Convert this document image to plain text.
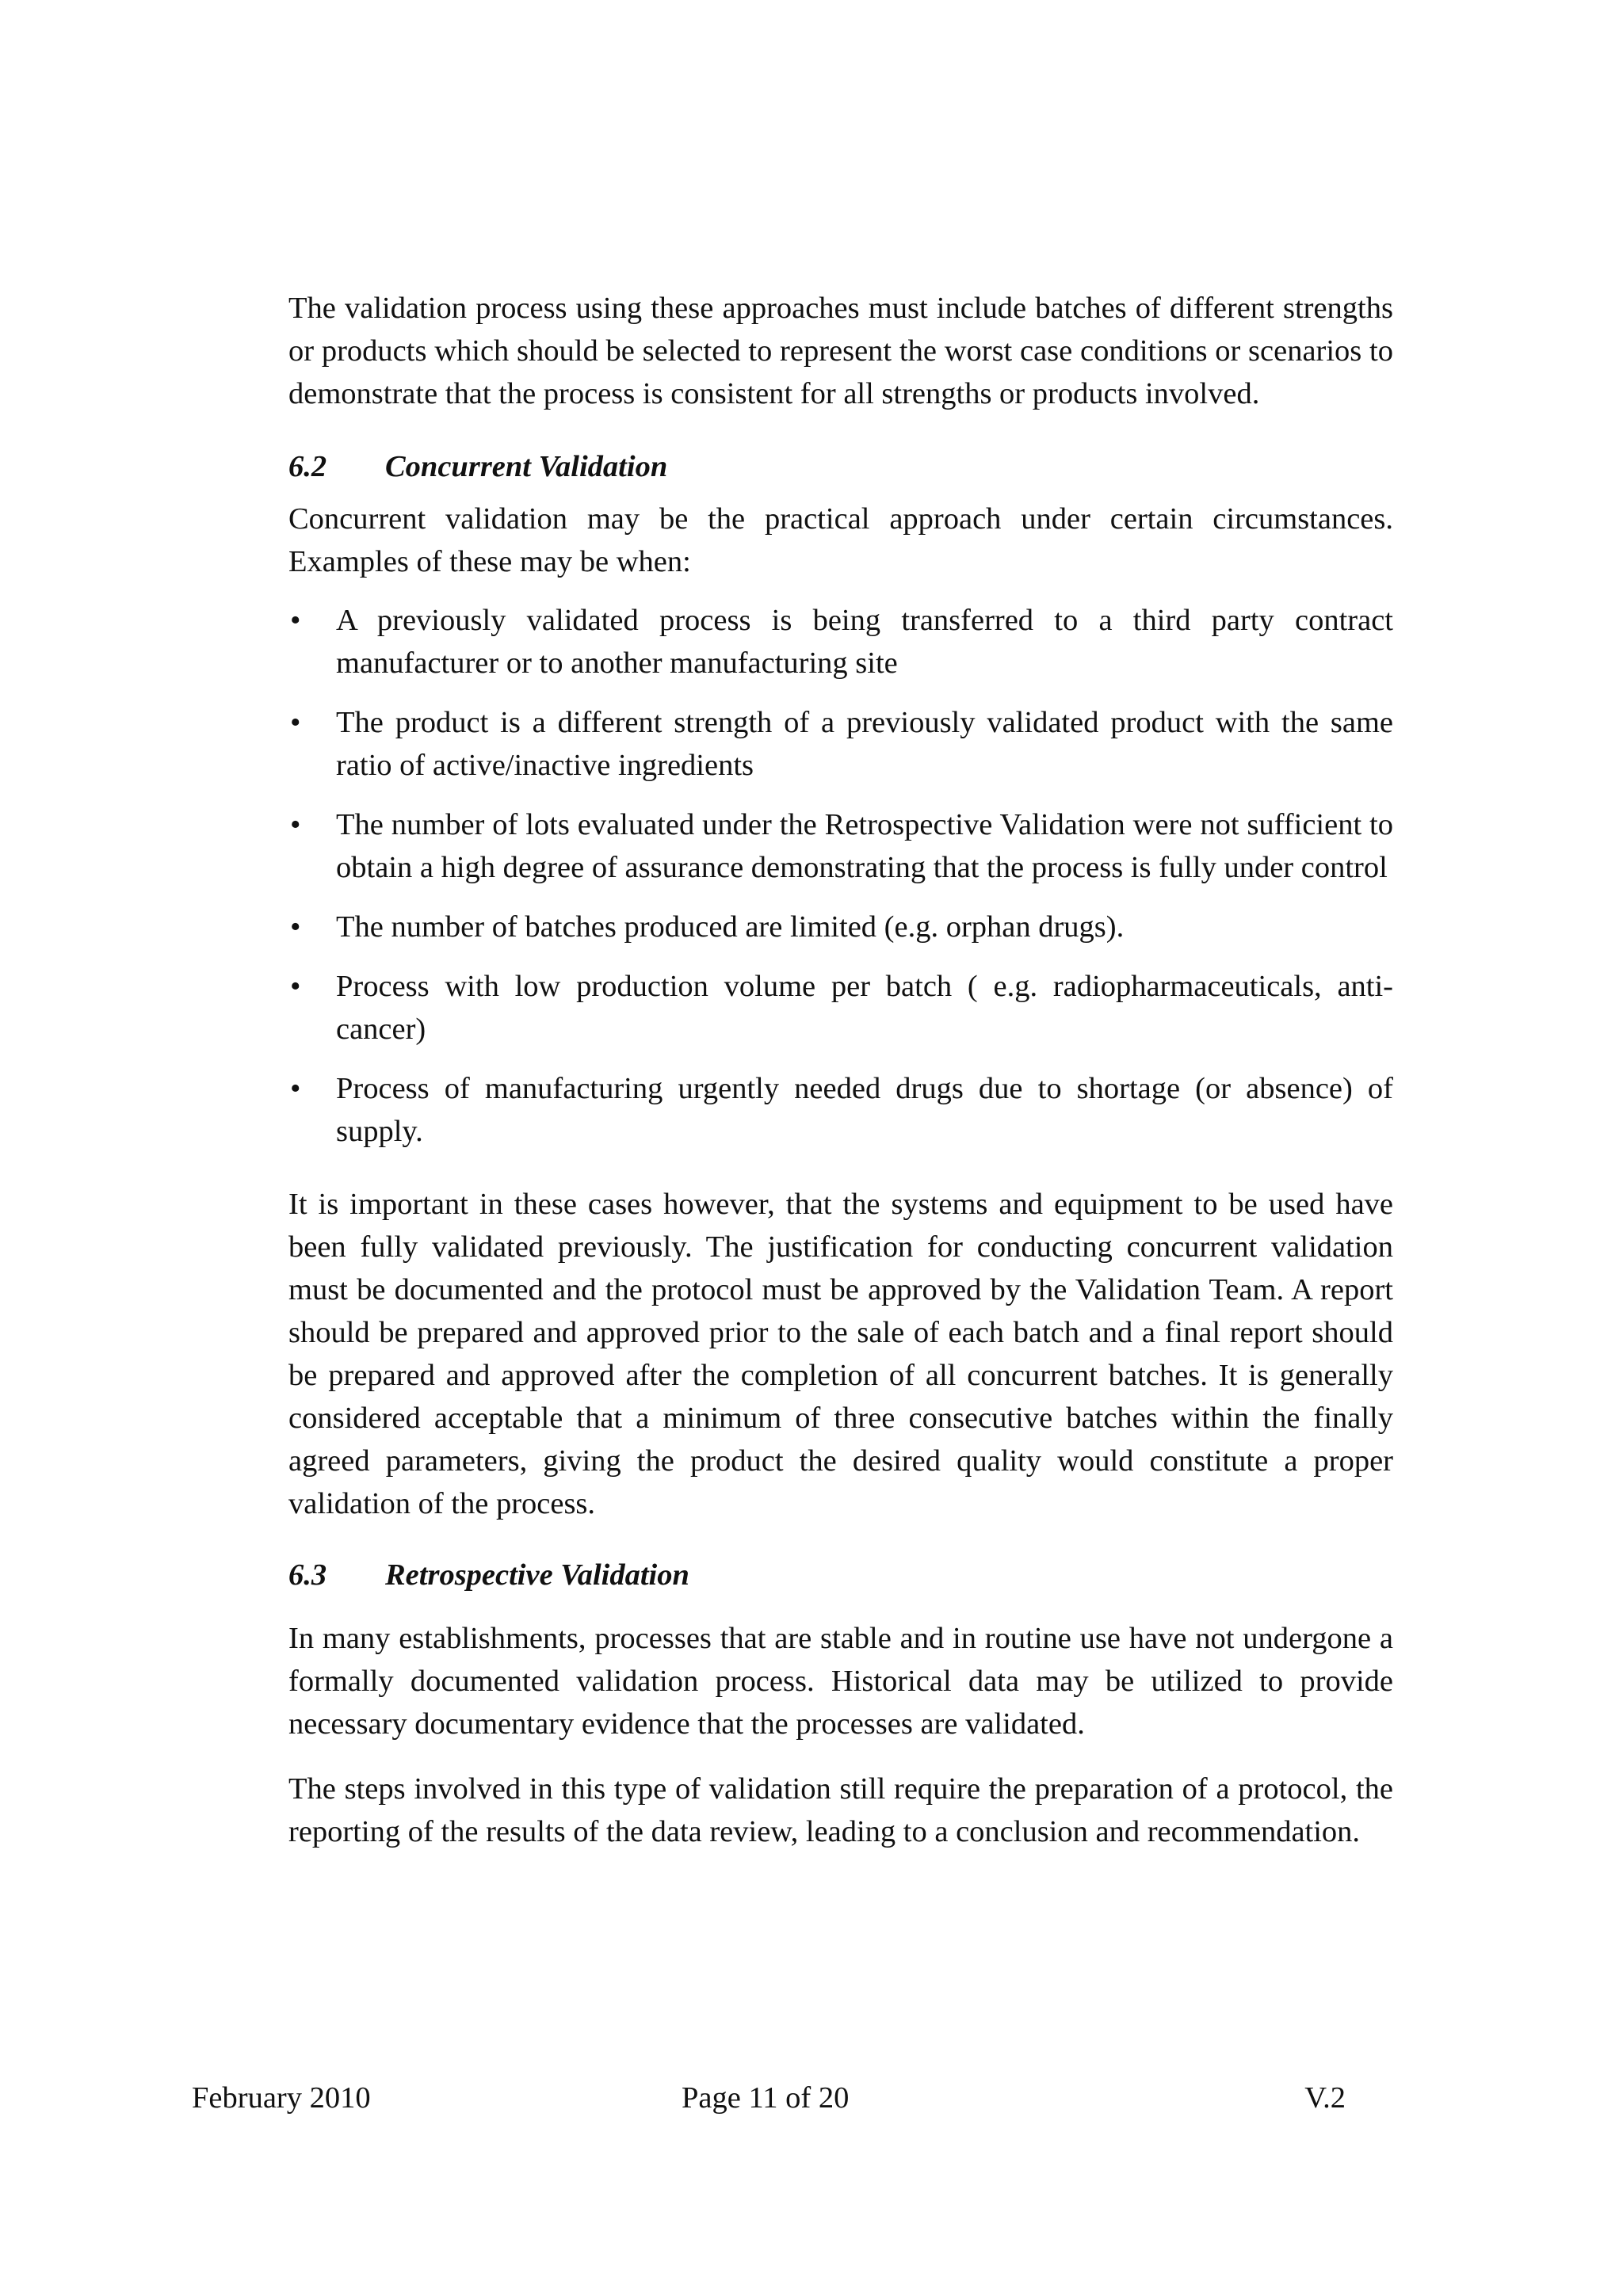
The validation process using these approaches must include batches of different strengths or products which should be selected to represent the worst case conditions or scenarios to demonstrate that the process is consistent for all strengths or products involved.

6.2	Concurrent Validation

Concurrent validation may be the practical approach under certain circumstances. Examples of these may be when:

•	A previously validated process is being transferred to a third party contract manufacturer or to another manufacturing site
•	The product is a different strength of a previously validated product with the same ratio of active/inactive ingredients
•	The number of lots evaluated under the Retrospective Validation were not sufficient to obtain a high degree of assurance demonstrating that the process is fully under control
•	The number of batches produced are limited (e.g. orphan drugs).
•	Process with low production volume per batch ( e.g. radiopharmaceuticals, anti-cancer)
•	Process of manufacturing urgently needed drugs due to shortage (or absence) of supply.

It is important in these cases however, that the systems and equipment to be used have been fully validated previously. The justification for conducting concurrent validation must be documented and the protocol must be approved by the Validation Team. A report should be prepared and approved prior to the sale of each batch and a final report should be prepared and approved after the completion of all concurrent batches. It is generally considered acceptable that a minimum of three consecutive batches within the finally agreed parameters, giving the product the desired quality would constitute a proper validation of the process.

6.3	Retrospective Validation

In many establishments, processes that are stable and in routine use have not undergone a formally documented validation process. Historical data may be utilized to provide necessary documentary evidence that the processes are validated.

The steps involved in this type of validation still require the preparation of a protocol, the reporting of the results of the data review, leading to a conclusion and recommendation.

February 2010	Page 11 of 20	V.2
